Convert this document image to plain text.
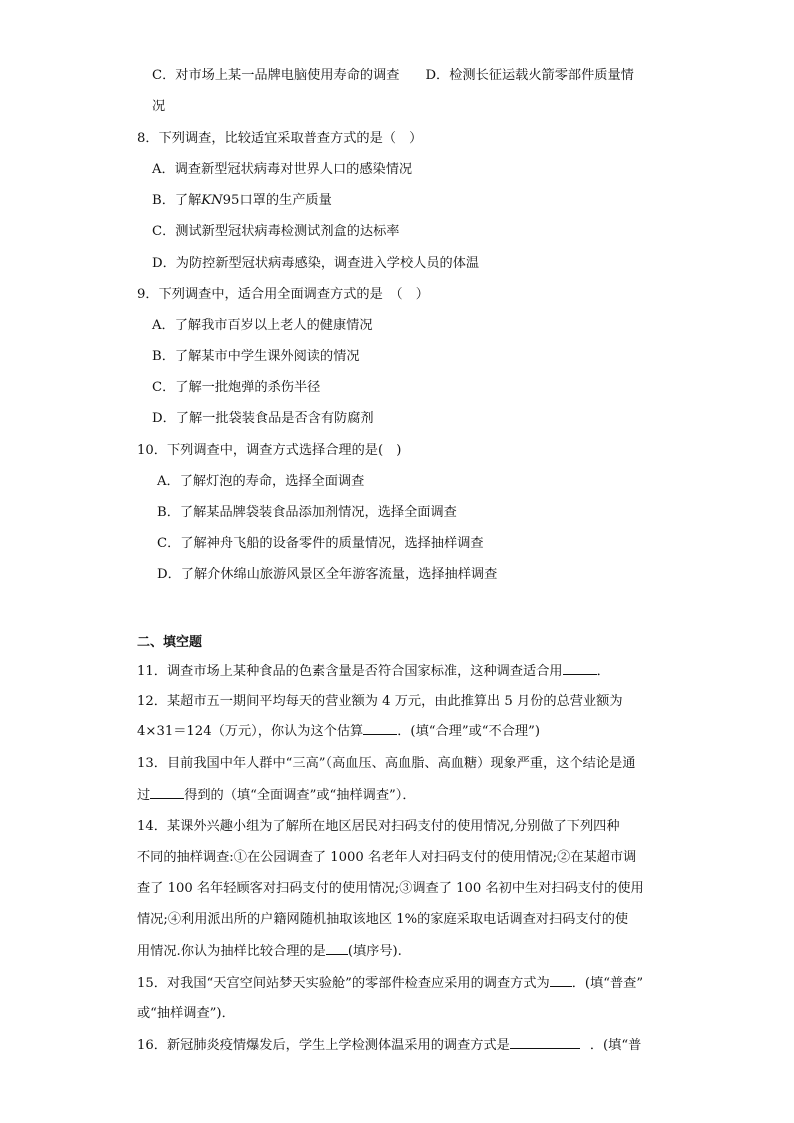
C．对市场上某一品牌电脑使用寿命的调查 D．检测长征运载火箭零部件质量情
况
8．下列调查，比较适宜采取普查方式的是（　）
A．调查新型冠状病毒对世界人口的感染情况
B．了解KN95口罩的生产质量
C．测试新型冠状病毒检测试剂盒的达标率
D．为防控新型冠状病毒感染，调查进入学校人员的体温
9．下列调查中，适合用全面调查方式的是　（　）
A．了解我市百岁以上老人的健康情况
B．了解某市中学生课外阅读的情况
C．了解一批炮弹的杀伤半径
D．了解一批袋装食品是否含有防腐剂
10．下列调查中，调查方式选择合理的是(　)
A．了解灯泡的寿命，选择全面调查
B．了解某品牌袋装食品添加剂情况，选择全面调查
C．了解神舟飞船的设备零件的质量情况，选择抽样调查
D．了解介休绵山旅游风景区全年游客流量，选择抽样调查
二、填空题
11．调查市场上某种食品的色素含量是否符合国家标准，这种调查适合用	．
12．某超市五一期间平均每天的营业额为 4 万元，由此推算出 5 月份的总营业额为
4×31＝124（万元），你认为这个估算	．(填“合理”或“不合理”)
13．目前我国中年人群中“三高”（高血压、高血脂、高血糖）现象严重，这个结论是通
过	得到的（填“全面调查”或“抽样调查”）．
14．某课外兴趣小组为了解所在地区居民对扫码支付的使用情况,分别做了下列四种
不同的抽样调查:①在公园调查了 1000 名老年人对扫码支付的使用情况;②在某超市调
查了 100 名年轻顾客对扫码支付的使用情况;③调查了 100 名初中生对扫码支付的使用
情况;④利用派出所的户籍网随机抽取该地区 1%的家庭采取电话调查对扫码支付的使
用情况.你认为抽样比较合理的是 (填序号).
15．对我国“天宫空间站梦天实验舱”的零部件检查应采用的调查方式为 ．(填“普查”
或“抽样调查”)．
16．新冠肺炎疫情爆发后，学生上学检测体温采用的调查方式是	．(填“普
